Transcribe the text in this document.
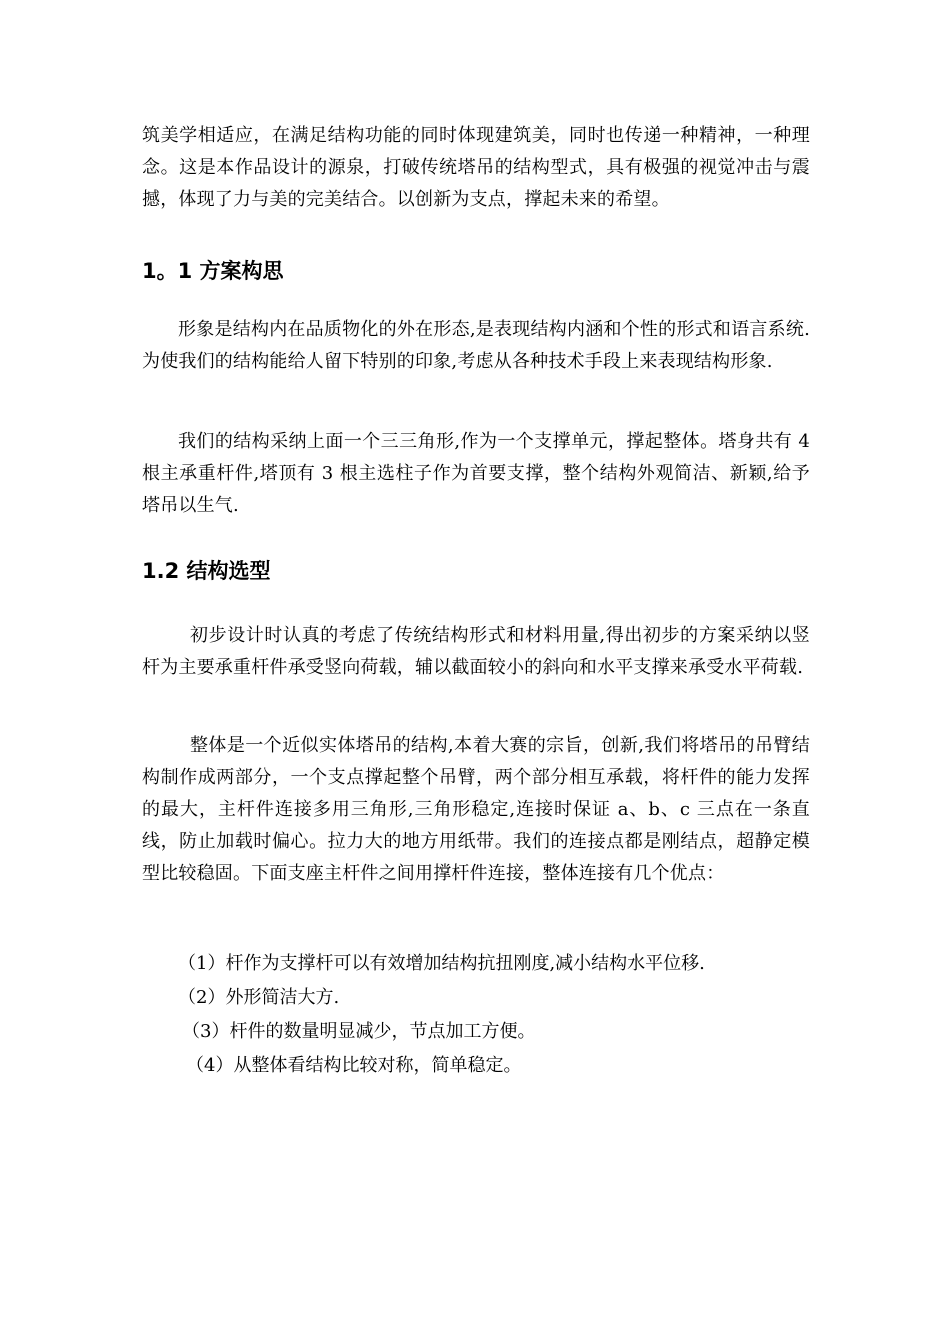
筑美学相适应，在满足结构功能的同时体现建筑美，同时也传递一种精神，一种理念。这是本作品设计的源泉，打破传统塔吊的结构型式，具有极强的视觉冲击与震撼，体现了力与美的完美结合。以创新为支点，撑起未来的希望。

1。1 方案构思

形象是结构内在品质物化的外在形态,是表现结构内涵和个性的形式和语言系统.为使我们的结构能给人留下特别的印象,考虑从各种技术手段上来表现结构形象.

我们的结构采纳上面一个三三角形,作为一个支撑单元，撑起整体。塔身共有 4 根主承重杆件,塔顶有 3 根主选柱子作为首要支撑，整个结构外观简洁、新颖,给予塔吊以生气.

1.2 结构选型

初步设计时认真的考虑了传统结构形式和材料用量,得出初步的方案采纳以竖杆为主要承重杆件承受竖向荷载，辅以截面较小的斜向和水平支撑来承受水平荷载.

整体是一个近似实体塔吊的结构,本着大赛的宗旨，创新,我们将塔吊的吊臂结构制作成两部分，一个支点撑起整个吊臂，两个部分相互承载，将杆件的能力发挥的最大，主杆件连接多用三角形,三角形稳定,连接时保证 a、b、c 三点在一条直线，防止加载时偏心。拉力大的地方用纸带。我们的连接点都是刚结点，超静定模型比较稳固。下面支座主杆件之间用撑杆件连接，整体连接有几个优点：

（1）杆作为支撑杆可以有效增加结构抗扭刚度,减小结构水平位移.

（2）外形简洁大方.

（3）杆件的数量明显减少，节点加工方便。

（4）从整体看结构比较对称，简单稳定。
